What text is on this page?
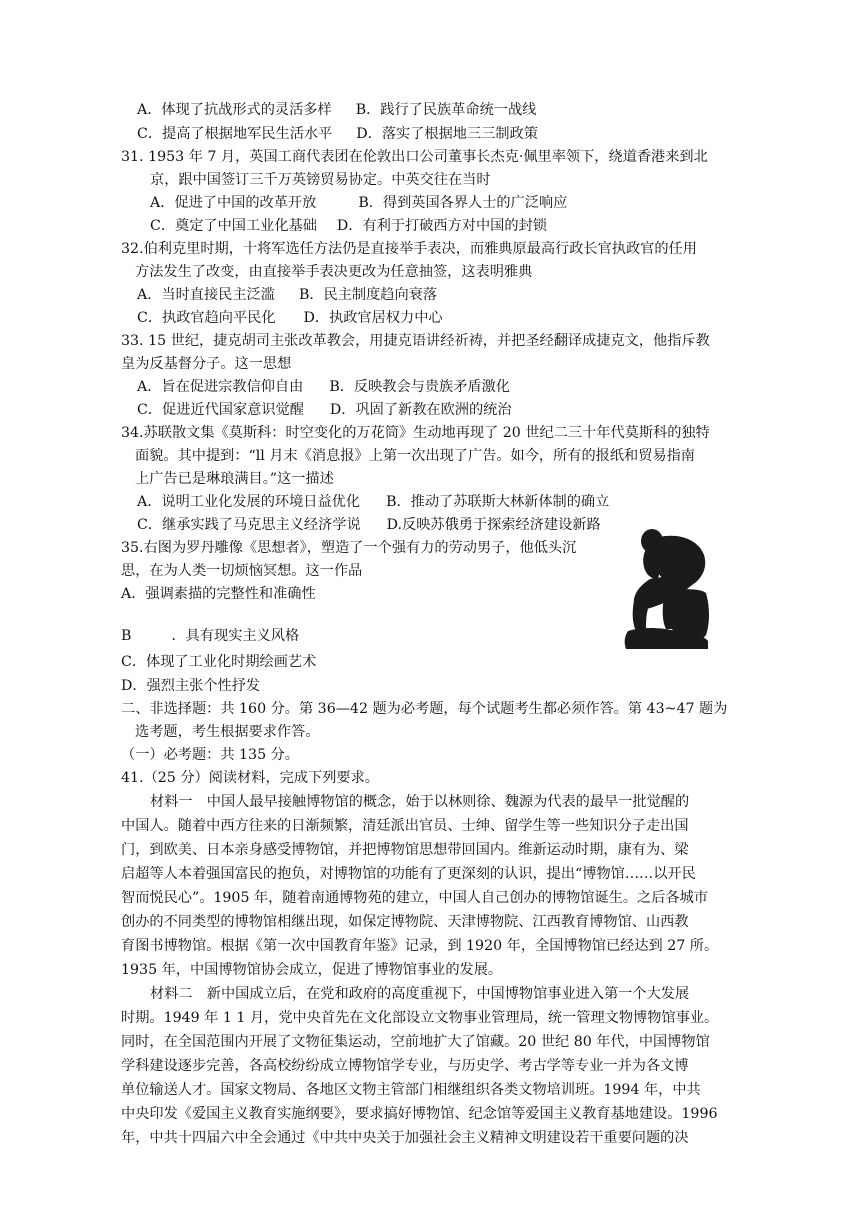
A．体现了抗战形式的灵活多样 B．践行了民族革命统一战线
C．提高了根据地军民生活水平 D．落实了根据地三三制政策
31. 1953 年 7 月，英国工商代表团在伦敦出口公司董事长杰克·佩里率领下，绕道香港来到北
京，跟中国签订三千万英镑贸易协定。中英交往在当时
A．促进了中国的改革开放	B．得到英国各界人士的广泛响应
C．奠定了中国工业化基础 D．有利于打破西方对中国的封锁
32.伯利克里时期，十将军选任方法仍是直接举手表决，而雅典原最高行政长官执政官的任用
方法发生了改变，由直接举手表决更改为任意抽签，这表明雅典
A．当时直接民主泛滥 B．民主制度趋向衰落
C．执政官趋向平民化 D．执政官居权力中心
33. 15 世纪，捷克胡司主张改革教会，用捷克语讲经祈祷，并把圣经翻译成捷克文，他指斥教
皇为反基督分子。这一思想
A．旨在促进宗教信仰自由 B．反映教会与贵族矛盾激化
C．促进近代国家意识觉醒 D．巩固了新教在欧洲的统治
34.苏联散文集《莫斯科：时空变化的万花筒》生动地再现了 20 世纪二三十年代莫斯科的独特
面貌。其中提到：“ll 月末《消息报》上第一次出现了广告。如今，所有的报纸和贸易指南
上广告已是琳琅满目。”这一描述
A．说明工业化发展的环境日益优化 B．推动了苏联斯大林新体制的确立
C．继承实践了马克思主义经济学说 D.反映苏俄勇于探索经济建设新路
35.右图为罗丹雕像《思想者》，塑造了一个强有力的劳动男子，他低头沉
思，在为人类一切烦恼冥想。这一作品
A．强调素描的完整性和准确性
B	．具有现实主义风格
C．体现了工业化时期绘画艺术
D．强烈主张个性抒发
二、非选择题：共 160 分。第 36—42 题为必考题，每个试题考生都必须作答。第 43~47 题为
选考题，考生根据要求作答。
（一）必考题：共 135 分。
41.（25 分）阅读材料，完成下列要求。
材料一　中国人最早接触博物馆的概念，始于以林则徐、魏源为代表的最早一批觉醒的
中国人。随着中西方往来的日渐频繁，清廷派出官员、士绅、留学生等一些知识分子走出国
门，到欧美、日本亲身感受博物馆，并把博物馆思想带回国内。维新运动时期，康有为、梁
启超等人本着强国富民的抱负，对博物馆的功能有了更深刻的认识，提出“博物馆……以开民
智而悦民心”。1905 年，随着南通博物苑的建立，中国人自己创办的博物馆诞生。之后各城市
创办的不同类型的博物馆相继出现，如保定博物院、天津博物院、江西教育博物馆、山西教
育图书博物馆。根据《第一次中国教育年鉴》记录，到 1920 年，全国博物馆已经达到 27 所。
1935 年，中国博物馆协会成立，促进了博物馆事业的发展。
材料二　新中国成立后，在党和政府的高度重视下，中国博物馆事业进入第一个大发展
时期。1949 年 1 1 月，党中央首先在文化部设立文物事业管理局，统一管理文物博物馆事业。
同时，在全国范围内开展了文物征集运动，空前地扩大了馆藏。20 世纪 80 年代，中国博物馆
学科建设逐步完善，各高校纷纷成立博物馆学专业，与历史学、考古学等专业一并为各文博
单位输送人才。国家文物局、各地区文物主管部门相继组织各类文物培训班。1994 年，中共
中央印发《爱国主义教育实施纲要》，要求搞好博物馆、纪念馆等爱国主义教育基地建设。1996
年，中共十四届六中全会通过《中共中央关于加强社会主义精神文明建设若干重要问题的决
